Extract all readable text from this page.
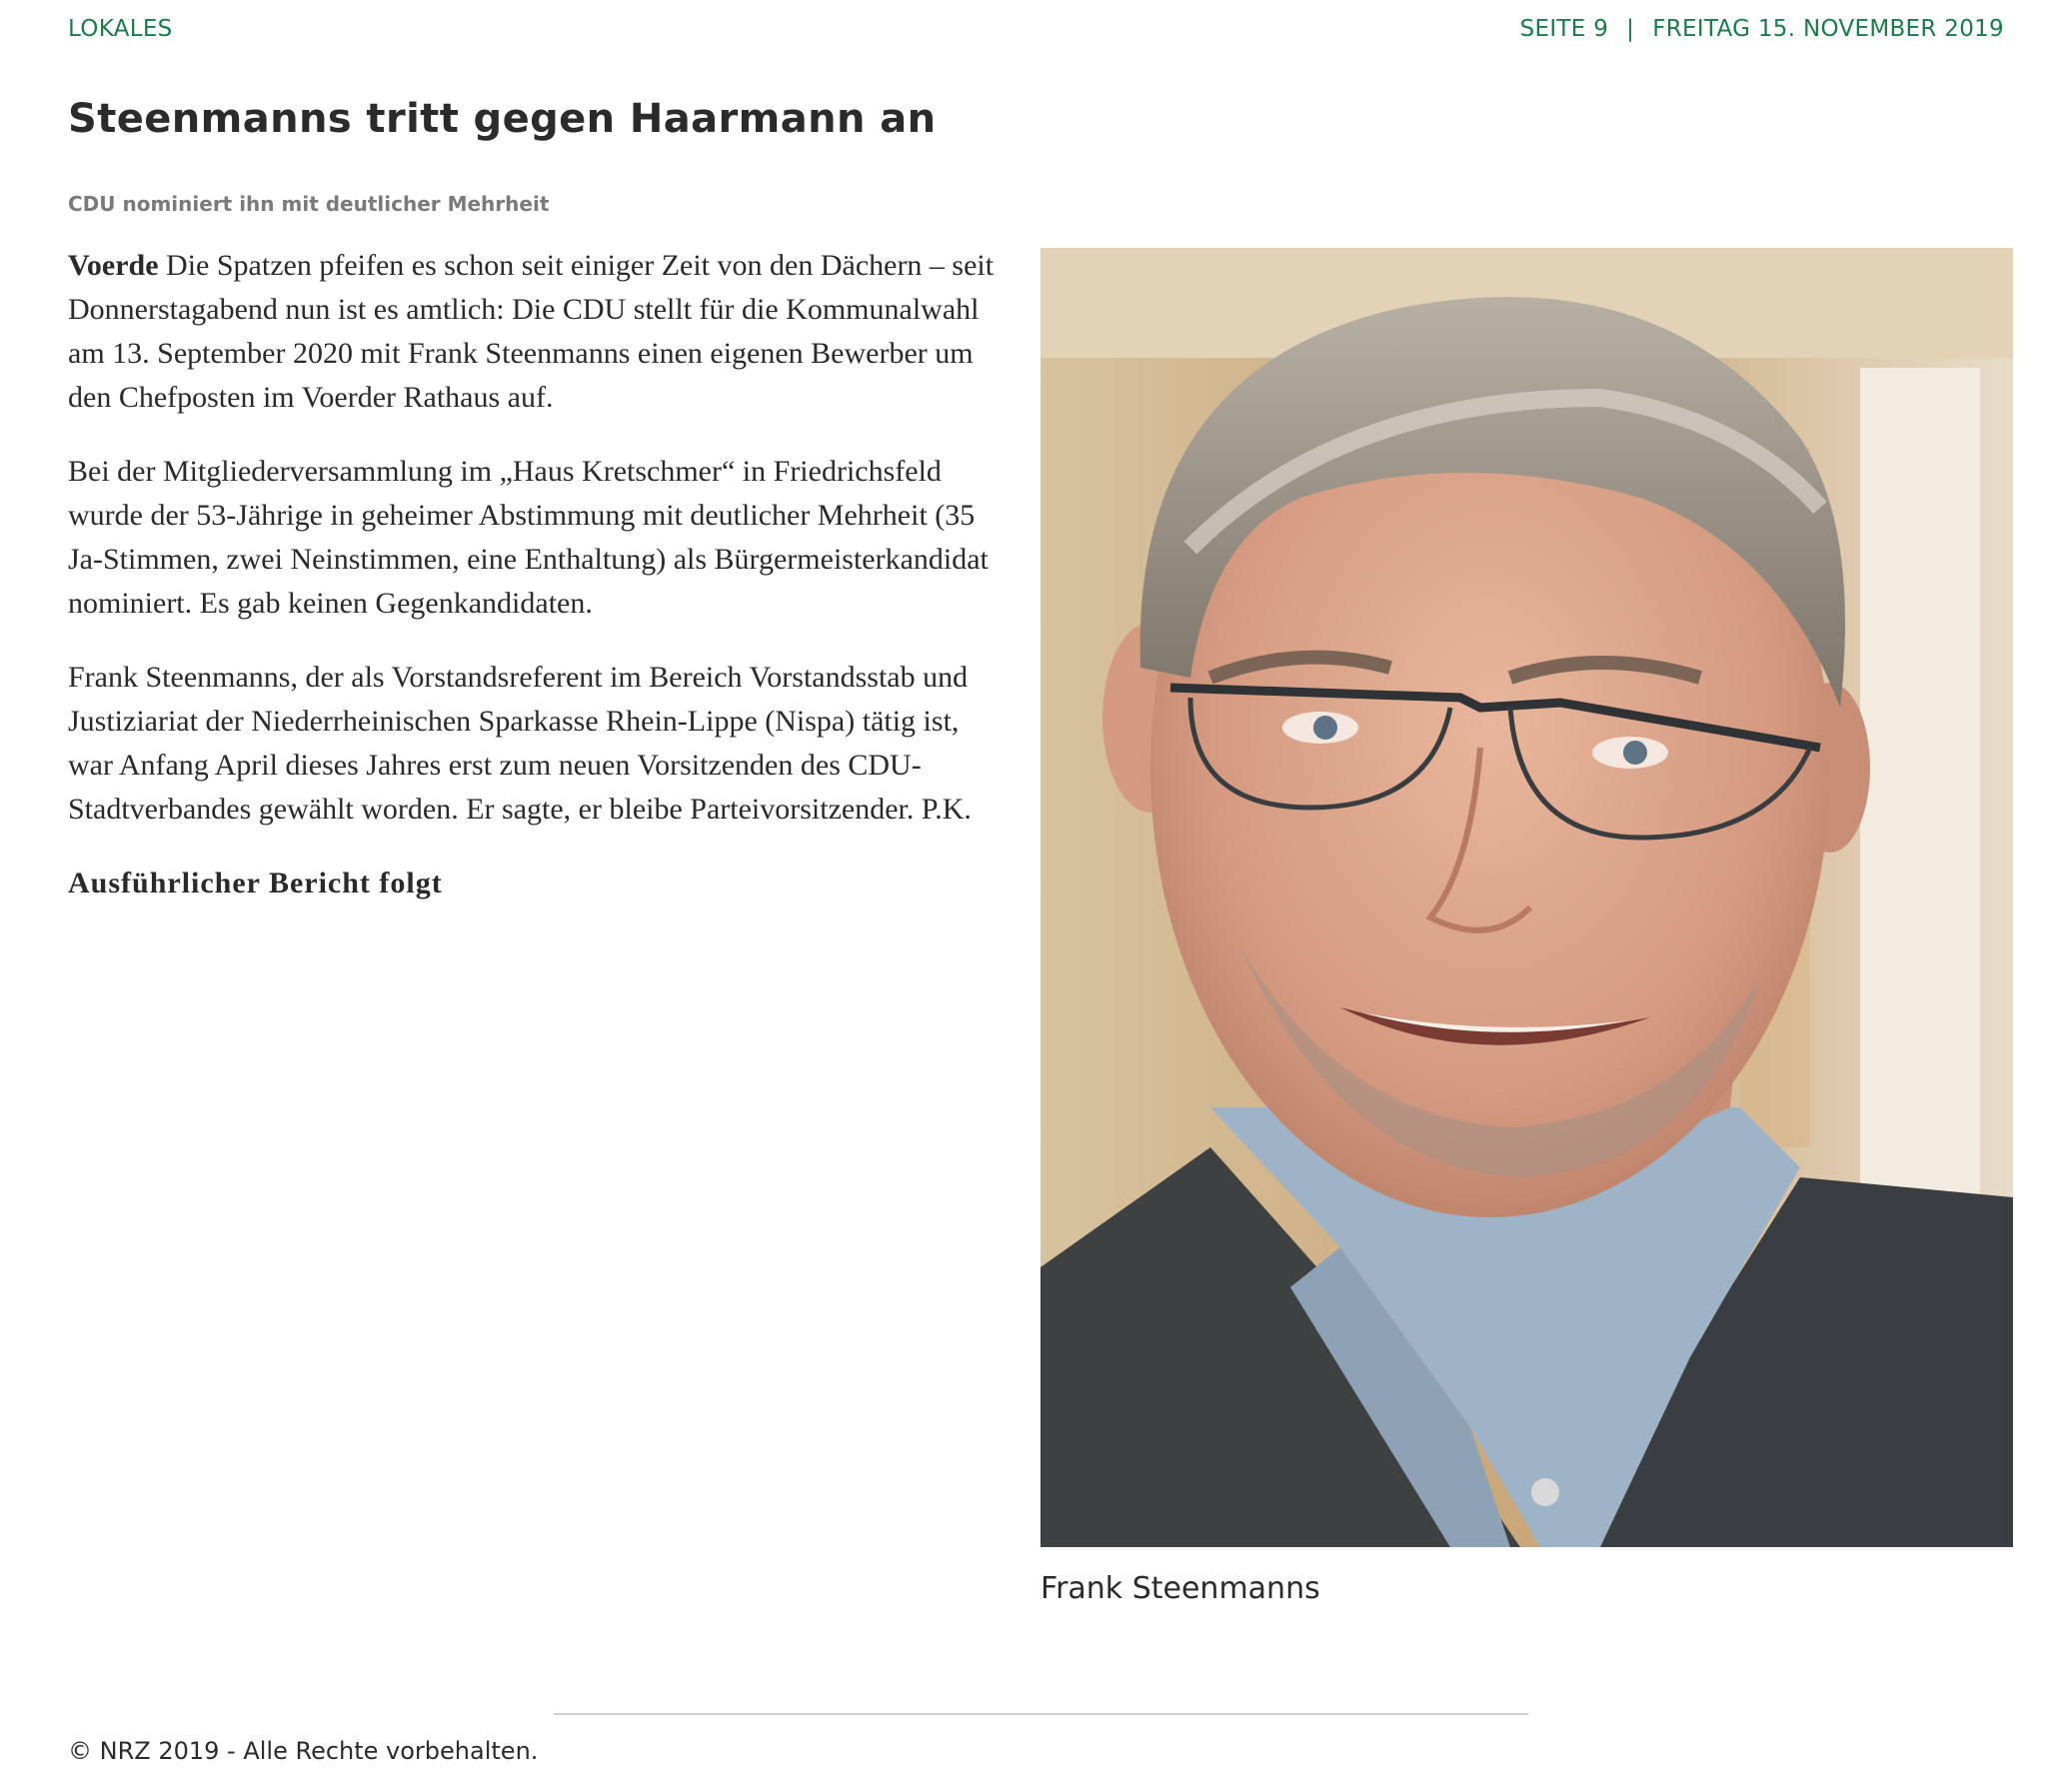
LOKALES	SEITE 9 | FREITAG 15. NOVEMBER 2019
Steenmanns tritt gegen Haarmann an
CDU nominiert ihn mit deutlicher Mehrheit

Voerde Die Spatzen pfeifen es schon seit einiger Zeit von den Dächern – seit Donnerstagabend nun ist es amtlich: Die CDU stellt für die Kommunalwahl am 13. September 2020 mit Frank Steenmanns einen eigenen Bewerber um den Chefposten im Voerder Rathaus auf.

Bei der Mitgliederversammlung im „Haus Kretschmer“ in Friedrichsfeld wurde der 53-Jährige in geheimer Abstimmung mit deutlicher Mehrheit (35 Ja-Stimmen, zwei Neinstimmen, eine Enthaltung) als Bürgermeisterkandidat nominiert. Es gab keinen Gegenkandidaten.

Frank Steenmanns, der als Vorstandsreferent im Bereich Vorstandsstab und Justiziariat der Niederrheinischen Sparkasse Rhein-Lippe (Nispa) tätig ist, war Anfang April dieses Jahres erst zum neuen Vorsitzenden des CDU-Stadtverbandes gewählt worden. Er sagte, er bleibe Parteivorsitzender. P.K.

Ausführlicher Bericht folgt

Frank Steenmanns
© NRZ 2019 - Alle Rechte vorbehalten.
